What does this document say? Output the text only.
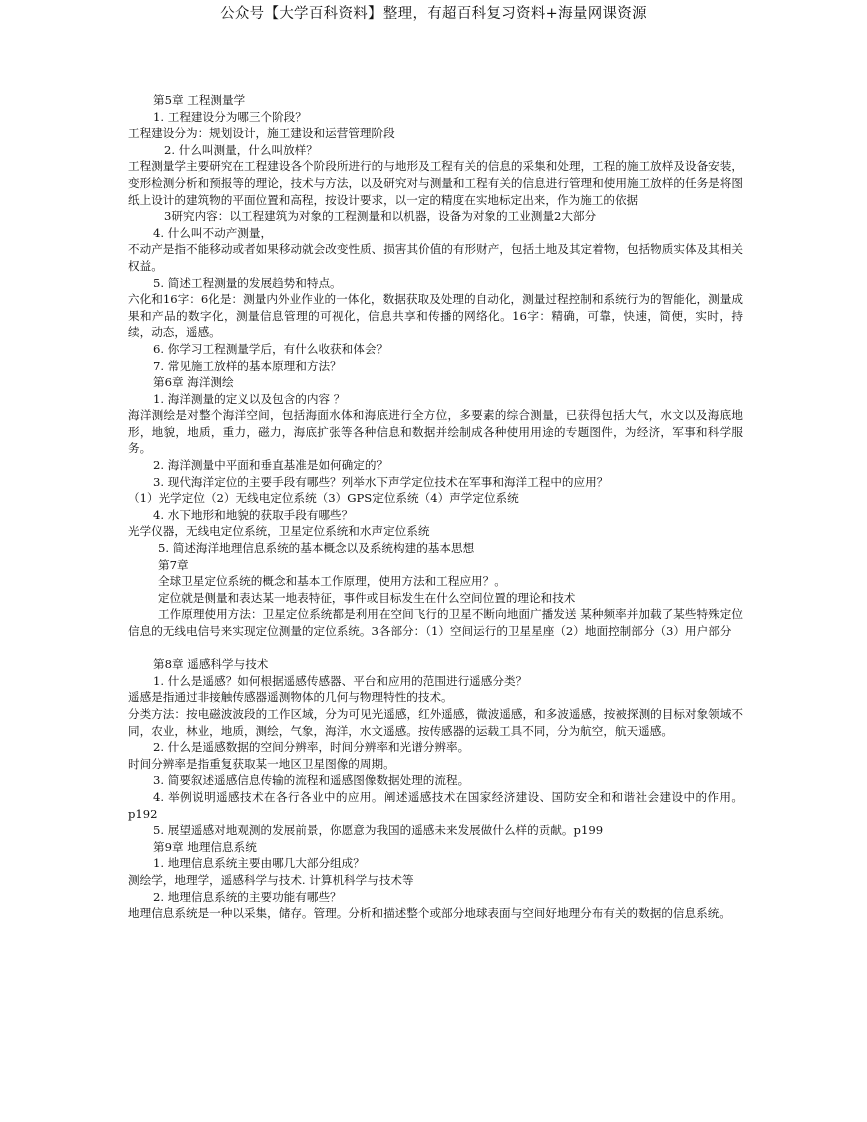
公众号【大学百科资料】整理，有超百科复习资料+海量网课资源

第5章 工程测量学

1. 工程建设分为哪三个阶段？

工程建设分为：规划设计，施工建设和运营管理阶段

2. 什么叫测量，什么叫放样？

工程测量学主要研究在工程建设各个阶段所进行的与地形及工程有关的信息的采集和处理，工程的施工放样及设备安装，变形检测分析和预报等的理论，技术与方法，以及研究对与测量和工程有关的信息进行管理和使用施工放样的任务是将图纸上设计的建筑物的平面位置和高程，按设计要求，以一定的精度在实地标定出来，作为施工的依据

3研究内容：以工程建筑为对象的工程测量和以机器，设备为对象的工业测量2大部分

4. 什么叫不动产测量，

不动产是指不能移动或者如果移动就会改变性质、损害其价值的有形财产，包括土地及其定着物，包括物质实体及其相关权益。

5. 简述工程测量的发展趋势和特点。

六化和16字：6化是：测量内外业作业的一体化，数据获取及处理的自动化，测量过程控制和系统行为的智能化，测量成果和产品的数字化，测量信息管理的可视化，信息共享和传播的网络化。16字：精确，可靠，快速，简便，实时，持续，动态，遥感。

6. 你学习工程测量学后，有什么收获和体会？

7. 常见施工放样的基本原理和方法？

第6章 海洋测绘

1. 海洋测量的定义以及包含的内容 ？

海洋测绘是对整个海洋空间，包括海面水体和海底进行全方位，多要素的综合测量，已获得包括大气，水文以及海底地形，地貌，地质，重力，磁力，海底扩张等各种信息和数据并绘制成各种使用用途的专题图件，为经济，军事和科学服务。

2. 海洋测量中平面和垂直基准是如何确定的？

3. 现代海洋定位的主要手段有哪些？列举水下声学定位技术在军事和海洋工程中的应用？

（1）光学定位（2）无线电定位系统（3）GPS定位系统（4）声学定位系统

4. 水下地形和地貌的获取手段有哪些？

光学仪器，无线电定位系统，卫星定位系统和水声定位系统

5. 简述海洋地理信息系统的基本概念以及系统构建的基本思想

第7章

全球卫星定位系统的概念和基本工作原理，使用方法和工程应用？。

定位就是侧量和表达某一地表特征，事件或目标发生在什么空间位置的理论和技术

工作原理使用方法：卫星定位系统都是利用在空间飞行的卫星不断向地面广播发送 某种频率并加载了某些特殊定位信息的无线电信号来实现定位测量的定位系统。3各部分：（1）空间运行的卫星星座（2）地面控制部分（3）用户部分

第8章 遥感科学与技术

1. 什么是遥感？如何根据遥感传感器、平台和应用的范围进行遥感分类？

遥感是指通过非接触传感器遥测物体的几何与物理特性的技术。

分类方法：按电磁波波段的工作区域，分为可见光遥感，红外遥感，微波遥感，和多波遥感，按被探测的目标对象领域不同，农业，林业，地质，测绘，气象，海洋，水文遥感。按传感器的运载工具不同，分为航空，航天遥感。

2. 什么是遥感数据的空间分辨率，时间分辨率和光谱分辨率。

时间分辨率是指重复获取某一地区卫星图像的周期。

3. 简要叙述遥感信息传输的流程和遥感图像数据处理的流程。

4. 举例说明遥感技术在各行各业中的应用。阐述遥感技术在国家经济建设、国防安全和和谐社会建设中的作用。p192

5. 展望遥感对地观测的发展前景，你愿意为我国的遥感未来发展做什么样的贡献。p199

第9章 地理信息系统

1. 地理信息系统主要由哪几大部分组成？

测绘学，地理学，遥感科学与技术. 计算机科学与技术等

2. 地理信息系统的主要功能有哪些？

地理信息系统是一种以采集，储存。管理。分析和描述整个或部分地球表面与空间好地理分布有关的数据的信息系统。
